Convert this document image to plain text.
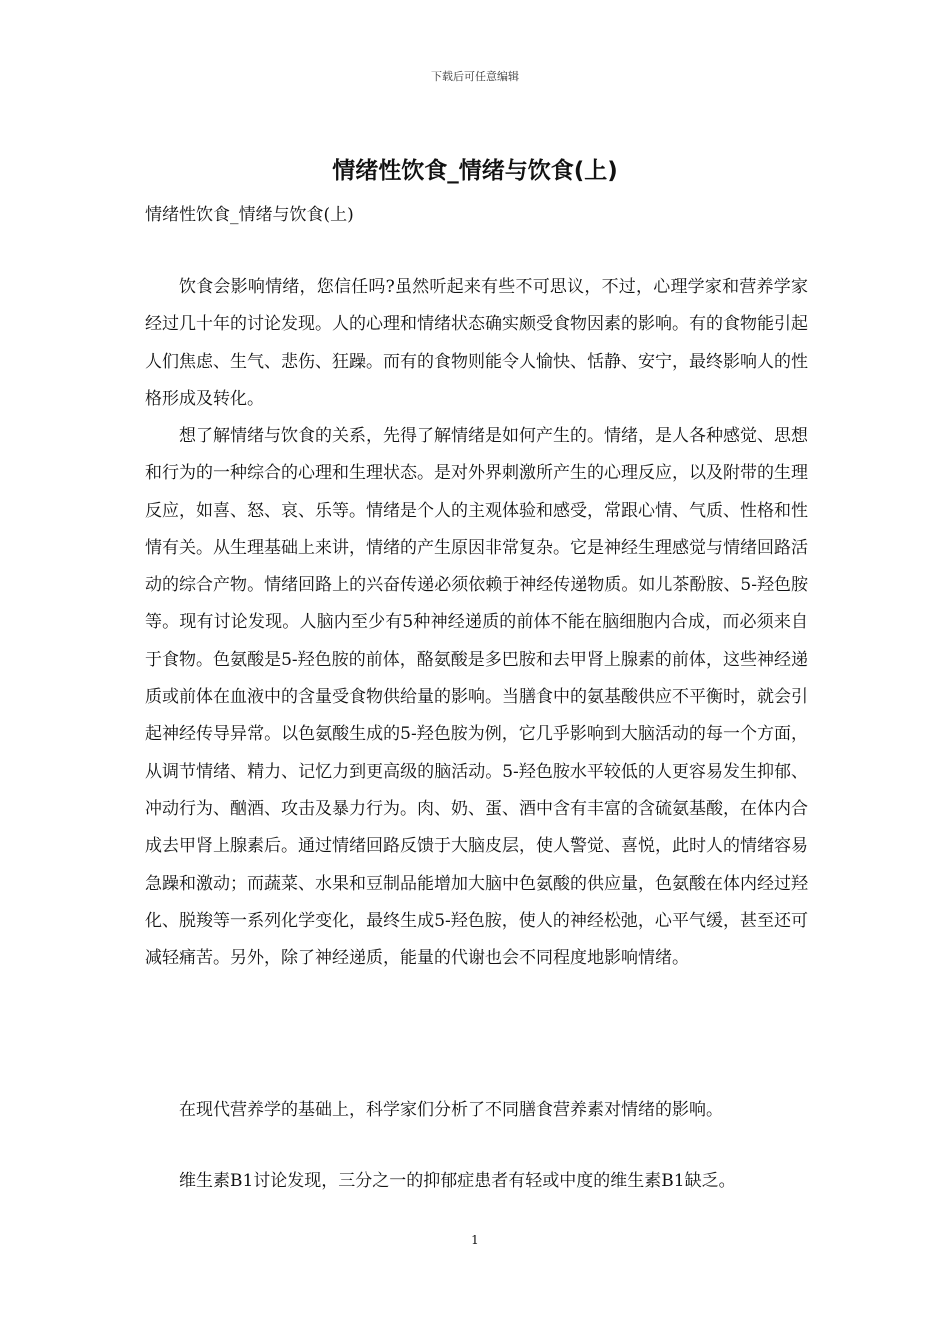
下载后可任意编辑
情绪性饮食_情绪与饮食(上)

情绪性饮食_情绪与饮食(上)

饮食会影响情绪，您信任吗?虽然听起来有些不可思议，不过，心理学家和营养学家经过几十年的讨论发现。人的心理和情绪状态确实颇受食物因素的影响。有的食物能引起人们焦虑、生气、悲伤、狂躁。而有的食物则能令人愉快、恬静、安宁，最终影响人的性格形成及转化。

想了解情绪与饮食的关系，先得了解情绪是如何产生的。情绪，是人各种感觉、思想和行为的一种综合的心理和生理状态。是对外界刺激所产生的心理反应，以及附带的生理反应，如喜、怒、哀、乐等。情绪是个人的主观体验和感受，常跟心情、气质、性格和性情有关。从生理基础上来讲，情绪的产生原因非常复杂。它是神经生理感觉与情绪回路活动的综合产物。情绪回路上的兴奋传递必须依赖于神经传递物质。如儿茶酚胺、5-羟色胺等。现有讨论发现。人脑内至少有5种神经递质的前体不能在脑细胞内合成，而必须来自于食物。色氨酸是5-羟色胺的前体，酪氨酸是多巴胺和去甲肾上腺素的前体，这些神经递质或前体在血液中的含量受食物供给量的影响。当膳食中的氨基酸供应不平衡时，就会引起神经传导异常。以色氨酸生成的5-羟色胺为例，它几乎影响到大脑活动的每一个方面，从调节情绪、精力、记忆力到更高级的脑活动。5-羟色胺水平较低的人更容易发生抑郁、冲动行为、酗酒、攻击及暴力行为。肉、奶、蛋、酒中含有丰富的含硫氨基酸，在体内合成去甲肾上腺素后。通过情绪回路反馈于大脑皮层，使人警觉、喜悦，此时人的情绪容易急躁和激动；而蔬菜、水果和豆制品能增加大脑中色氨酸的供应量，色氨酸在体内经过羟化、脱羧等一系列化学变化，最终生成5-羟色胺，使人的神经松弛，心平气缓，甚至还可减轻痛苦。另外，除了神经递质，能量的代谢也会不同程度地影响情绪。

在现代营养学的基础上，科学家们分析了不同膳食营养素对情绪的影响。

维生素B1讨论发现，三分之一的抑郁症患者有轻或中度的维生素B1缺乏。

1
